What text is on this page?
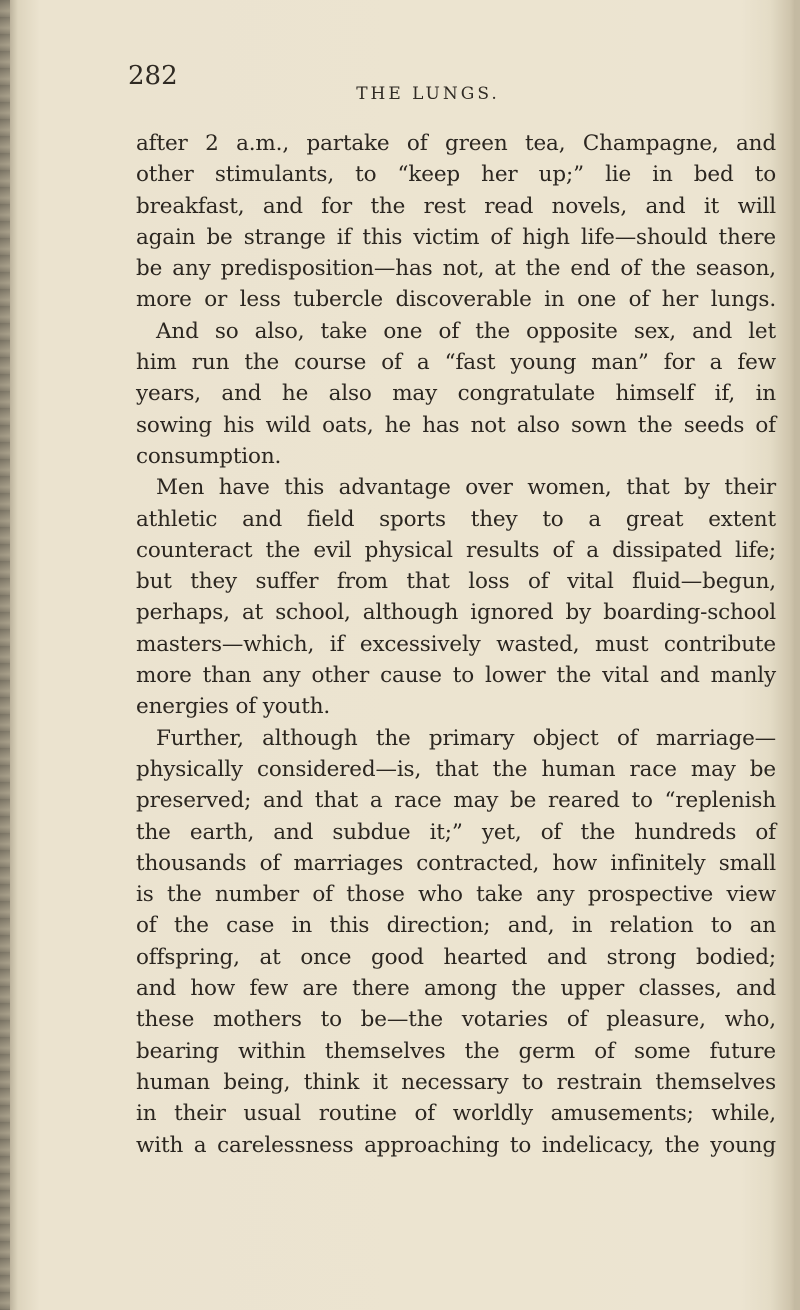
282
THE LUNGS.
after 2 a.m., partake of green tea, Champagne, and
other stimulants, to “keep her up;” lie in bed to
breakfast, and for the rest read novels, and it will
again be strange if this victim of high life—should there
be any predisposition—has not, at the end of the season,
more or less tubercle discoverable in one of her lungs.
And so also, take one of the opposite sex, and let
him run the course of a “fast young man” for a few
years, and he also may congratulate himself if, in
sowing his wild oats, he has not also sown the seeds of
consumption.
Men have this advantage over women, that by their
athletic and field sports they to a great extent
counteract the evil physical results of a dissipated life;
but they suffer from that loss of vital fluid—begun,
perhaps, at school, although ignored by boarding-school
masters—which, if excessively wasted, must contribute
more than any other cause to lower the vital and manly
energies of youth.
Further, although the primary object of marriage—
physically considered—is, that the human race may be
preserved; and that a race may be reared to “replenish
the earth, and subdue it;” yet, of the hundreds of
thousands of marriages contracted, how infinitely small
is the number of those who take any prospective view
of the case in this direction; and, in relation to an
offspring, at once good hearted and strong bodied;
and how few are there among the upper classes, and
these mothers to be—the votaries of pleasure, who,
bearing within themselves the germ of some future
human being, think it necessary to restrain themselves
in their usual routine of worldly amusements; while,
with a carelessness approaching to indelicacy, the young
